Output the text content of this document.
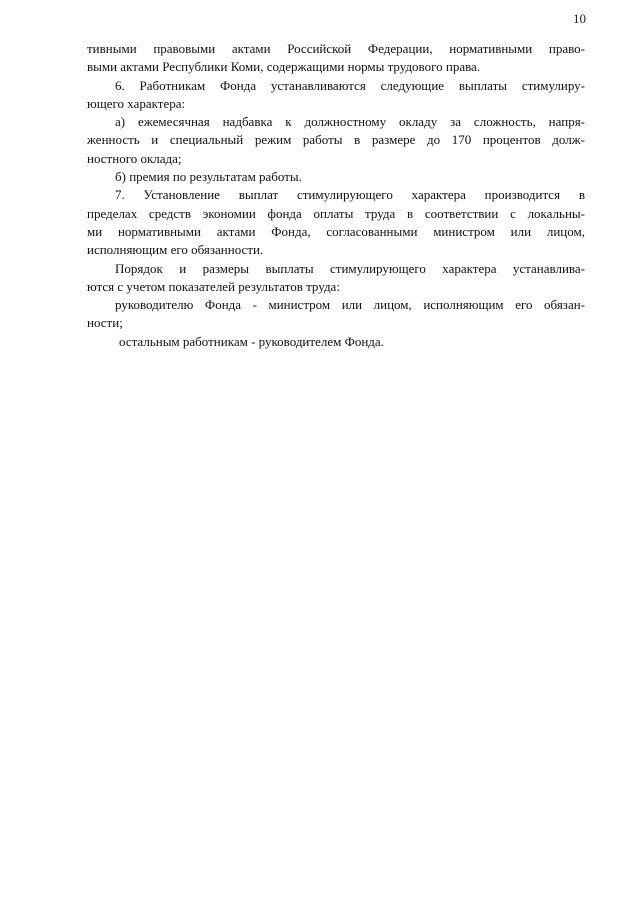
10
тивными правовыми актами Российской Федерации, нормативными право-
выми актами Республики Коми, содержащими нормы трудового права.
6. Работникам Фонда устанавливаются следующие выплаты стимулиру-
ющего характера:
а) ежемесячная надбавка к должностному окладу за сложность, напря-
женность и специальный режим работы в размере до 170 процентов долж-
ностного оклада;
б) премия по результатам работы.
7. Установление выплат стимулирующего характера производится в
пределах средств экономии фонда оплаты труда в соответствии с локальны-
ми нормативными актами Фонда, согласованными министром или лицом,
исполняющим его обязанности.
Порядок и размеры выплаты стимулирующего характера устанавлива-
ются с учетом показателей результатов труда:
руководителю Фонда - министром или лицом, исполняющим его обязан-
ности;
остальным работникам - руководителем Фонда.
